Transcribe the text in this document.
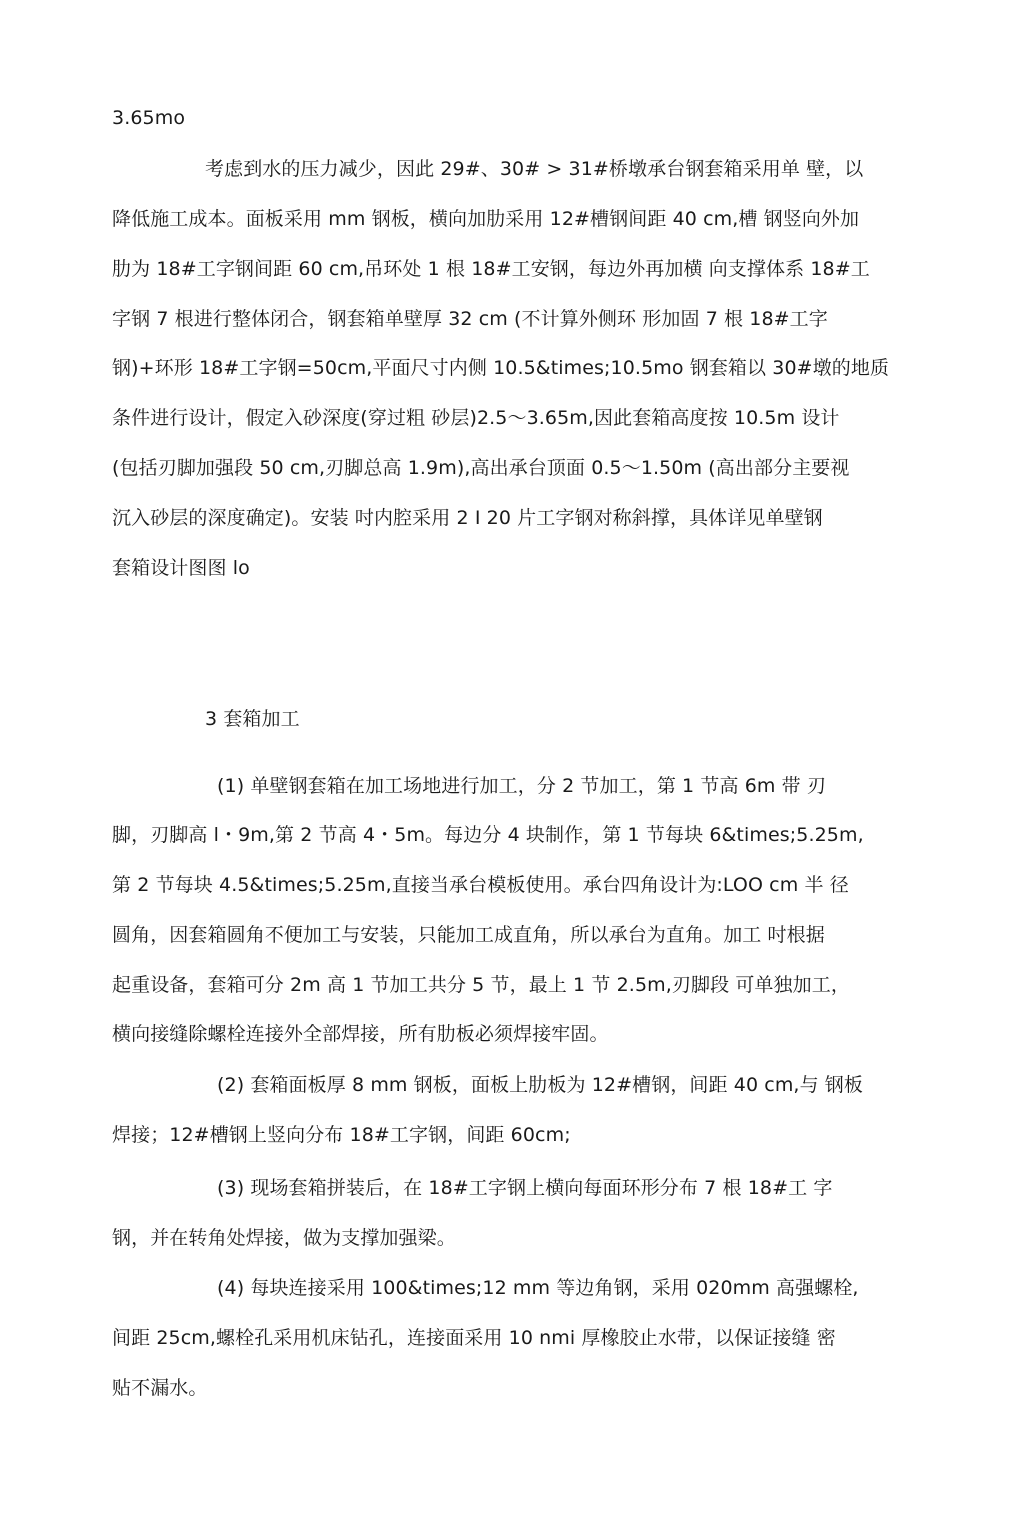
3.65mo
考虑到水的压力减少，因此 29#、30# > 31#桥墩承台钢套箱采用单 壁，以
降低施工成本。面板采用 mm 钢板，横向加肋采用 12#槽钢间距 40 cm,槽 钢竖向外加
肋为 18#工字钢间距 60 cm,吊环处 1 根 18#工安钢，每边外再加横 向支撑体系 18#工
字钢 7 根进行整体闭合，钢套箱单壁厚 32 cm (不计算外侧环 形加固 7 根 18#工字
钢)+环形 18#工字钢=50cm,平面尺寸内侧 10.5&times;10.5mo 钢套箱以 30#墩的地质
条件进行设计，假定入砂深度(穿过粗 砂层)2.5～3.65m,因此套箱高度按 10.5m 设计
(包括刃脚加强段 50 cm,刃脚总高 1.9m),高出承台顶面 0.5～1.50m (高出部分主要视
沉入砂层的深度确定)。安装 吋内腔采用 2 I 20 片工字钢对称斜撑，具体详见单壁钢
套箱设计图图 lo
3 套箱加工
(1) 单壁钢套箱在加工场地进行加工，分 2 节加工，第 1 节高 6m 带 刃
脚，刃脚高 l・9m,第 2 节高 4・5m。每边分 4 块制作，第 1 节每块 6&times;5.25m,
第 2 节每块 4.5&times;5.25m,直接当承台模板使用。承台四角设计为:LOO cm 半 径
圆角，因套箱圆角不便加工与安装，只能加工成直角，所以承台为直角。加工 吋根据
起重设备，套箱可分 2m 高 1 节加工共分 5 节，最上 1 节 2.5m,刃脚段 可单独加工，
横向接缝除螺栓连接外全部焊接，所有肋板必须焊接牢固。
(2) 套箱面板厚 8 mm 钢板，面板上肋板为 12#槽钢，间距 40 cm,与 钢板
焊接；12#槽钢上竖向分布 18#工字钢，间距 60cm;
(3) 现场套箱拼装后，在 18#工字钢上横向每面环形分布 7 根 18#工 字
钢，并在转角处焊接，做为支撑加强梁。
(4) 每块连接采用 100&times;12 mm 等边角钢，采用 020mm 高强螺栓,
间距 25cm,螺栓孔采用机床钻孔，连接面采用 10 nmi 厚橡胶止水带，以保证接缝 密
贴不漏水。
